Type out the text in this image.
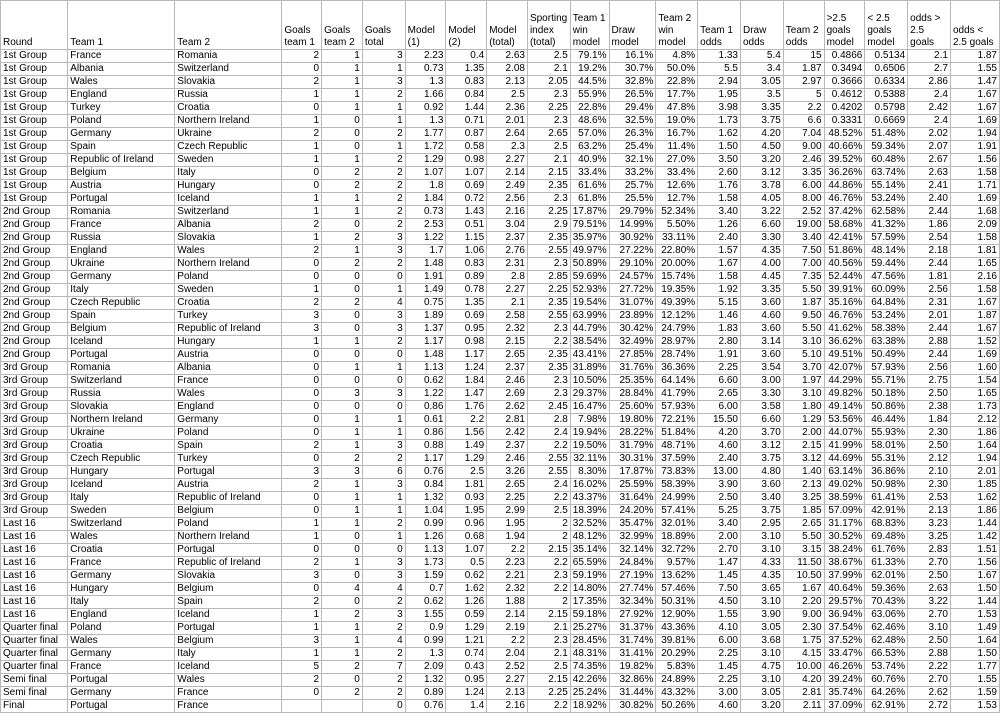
Round	Team 1	Team 2	Goals team 1	Goals team 2	Goals total	Model (1)	Model (2)	Model (total)	Sporting index (total)	Team 1 win model	Draw model	Team 2 win model	Team 1 odds	Draw odds	Team 2 odds	>2.5 goals model	< 2.5 goals model	odds > 2.5 goals	odds < 2.5 goals
1st Group	France	Romania	2	1	3	2.23	0.4	2.63	2.5	79.1%	16.1%	4.8%	1.33	5.4	15	0.4866	0.5134	2.1	1.87
1st Group	Albania	Switzerland	0	1	1	0.73	1.35	2.08	2.1	19.2%	30.7%	50.0%	5.5	3.4	1.87	0.3494	0.6506	2.7	1.55
1st Group	Wales	Slovakia	2	1	3	1.3	0.83	2.13	2.05	44.5%	32.8%	22.8%	2.94	3.05	2.97	0.3666	0.6334	2.86	1.47
1st Group	England	Russia	1	1	2	1.66	0.84	2.5	2.3	55.9%	26.5%	17.7%	1.95	3.5	5	0.4612	0.5388	2.4	1.67
1st Group	Turkey	Croatia	0	1	1	0.92	1.44	2.36	2.25	22.8%	29.4%	47.8%	3.98	3.35	2.2	0.4202	0.5798	2.42	1.67
1st Group	Poland	Northern Ireland	1	0	1	1.3	0.71	2.01	2.3	48.6%	32.5%	19.0%	1.73	3.75	6.6	0.3331	0.6669	2.4	1.69
1st Group	Germany	Ukraine	2	0	2	1.77	0.87	2.64	2.65	57.0%	26.3%	16.7%	1.62	4.20	7.04	48.52%	51.48%	2.02	1.94
1st Group	Spain	Czech Republic	1	0	1	1.72	0.58	2.3	2.5	63.2%	25.4%	11.4%	1.50	4.50	9.00	40.66%	59.34%	2.07	1.91
1st Group	Republic of Ireland	Sweden	1	1	2	1.29	0.98	2.27	2.1	40.9%	32.1%	27.0%	3.50	3.20	2.46	39.52%	60.48%	2.67	1.56
1st Group	Belgium	Italy	0	2	2	1.07	1.07	2.14	2.15	33.4%	33.2%	33.4%	2.60	3.12	3.35	36.26%	63.74%	2.63	1.58
1st Group	Austria	Hungary	0	2	2	1.8	0.69	2.49	2.35	61.6%	25.7%	12.6%	1.76	3.78	6.00	44.86%	55.14%	2.41	1.71
1st Group	Portugal	Iceland	1	1	2	1.84	0.72	2.56	2.3	61.8%	25.5%	12.7%	1.58	4.05	8.00	46.76%	53.24%	2.40	1.69
2nd Group	Romania	Switzerland	1	1	2	0.73	1.43	2.16	2.25	17.87%	29.79%	52.34%	3.40	3.22	2.52	37.42%	62.58%	2.44	1.68
2nd Group	France	Albania	2	0	2	2.53	0.51	3.04	2.9	79.51%	14.99%	5.50%	1.26	6.60	19.00	58.68%	41.32%	1.86	2.09
2nd Group	Russia	Slovakia	1	2	3	1.22	1.15	2.37	2.35	35.97%	30.92%	33.11%	2.40	3.30	3.40	42.41%	57.59%	2.54	1.58
2nd Group	England	Wales	2	1	3	1.7	1.06	2.76	2.55	49.97%	27.22%	22.80%	1.57	4.35	7.50	51.86%	48.14%	2.18	1.81
2nd Group	Ukraine	Northern Ireland	0	2	2	1.48	0.83	2.31	2.3	50.89%	29.10%	20.00%	1.67	4.00	7.00	40.56%	59.44%	2.44	1.65
2nd Group	Germany	Poland	0	0	0	1.91	0.89	2.8	2.85	59.69%	24.57%	15.74%	1.58	4.45	7.35	52.44%	47.56%	1.81	2.16
2nd Group	Italy	Sweden	1	0	1	1.49	0.78	2.27	2.25	52.93%	27.72%	19.35%	1.92	3.35	5.50	39.91%	60.09%	2.56	1.58
2nd Group	Czech Republic	Croatia	2	2	4	0.75	1.35	2.1	2.35	19.54%	31.07%	49.39%	5.15	3.60	1.87	35.16%	64.84%	2.31	1.67
2nd Group	Spain	Turkey	3	0	3	1.89	0.69	2.58	2.55	63.99%	23.89%	12.12%	1.46	4.60	9.50	46.76%	53.24%	2.01	1.87
2nd Group	Belgium	Republic of Ireland	3	0	3	1.37	0.95	2.32	2.3	44.79%	30.42%	24.79%	1.83	3.60	5.50	41.62%	58.38%	2.44	1.67
2nd Group	Iceland	Hungary	1	1	2	1.17	0.98	2.15	2.2	38.54%	32.49%	28.97%	2.80	3.14	3.10	36.62%	63.38%	2.88	1.52
2nd Group	Portugal	Austria	0	0	0	1.48	1.17	2.65	2.35	43.41%	27.85%	28.74%	1.91	3.60	5.10	49.51%	50.49%	2.44	1.69
3rd Group	Romania	Albania	0	1	1	1.13	1.24	2.37	2.35	31.89%	31.76%	36.36%	2.25	3.54	3.70	42.07%	57.93%	2.56	1.60
3rd Group	Switzerland	France	0	0	0	0.62	1.84	2.46	2.3	10.50%	25.35%	64.14%	6.60	3.00	1.97	44.29%	55.71%	2.75	1.54
3rd Group	Russia	Wales	0	3	3	1.22	1.47	2.69	2.3	29.37%	28.84%	41.79%	2.65	3.30	3.10	49.82%	50.18%	2.50	1.65
3rd Group	Slovakia	England	0	0	0	0.86	1.76	2.62	2.45	16.47%	25.60%	57.93%	6.00	3.58	1.80	49.14%	50.86%	2.38	1.73
3rd Group	Northern Ireland	Germany	0	1	1	0.61	2.2	2.81	2.8	7.98%	19.80%	72.21%	15.50	6.60	1.29	53.56%	46.44%	1.84	2.12
3rd Group	Ukraine	Poland	0	1	1	0.86	1.56	2.42	2.4	19.94%	28.22%	51.84%	4.20	3.70	2.00	44.07%	55.93%	2.30	1.86
3rd Group	Croatia	Spain	2	1	3	0.88	1.49	2.37	2.2	19.50%	31.79%	48.71%	4.60	3.12	2.15	41.99%	58.01%	2.50	1.64
3rd Group	Czech Republic	Turkey	0	2	2	1.17	1.29	2.46	2.55	32.11%	30.31%	37.59%	2.40	3.75	3.12	44.69%	55.31%	2.12	1.94
3rd Group	Hungary	Portugal	3	3	6	0.76	2.5	3.26	2.55	8.30%	17.87%	73.83%	13.00	4.80	1.40	63.14%	36.86%	2.10	2.01
3rd Group	Iceland	Austria	2	1	3	0.84	1.81	2.65	2.4	16.02%	25.59%	58.39%	3.90	3.60	2.13	49.02%	50.98%	2.30	1.85
3rd Group	Italy	Republic of Ireland	0	1	1	1.32	0.93	2.25	2.2	43.37%	31.64%	24.99%	2.50	3.40	3.25	38.59%	61.41%	2.53	1.62
3rd Group	Sweden	Belgium	0	1	1	1.04	1.95	2.99	2.5	18.39%	24.20%	57.41%	5.25	3.75	1.85	57.09%	42.91%	2.13	1.86
Last 16	Switzerland	Poland	1	1	2	0.99	0.96	1.95	2	32.52%	35.47%	32.01%	3.40	2.95	2.65	31.17%	68.83%	3.23	1.44
Last 16	Wales	Northern Ireland	1	0	1	1.26	0.68	1.94	2	48.12%	32.99%	18.89%	2.00	3.10	5.50	30.52%	69.48%	3.25	1.42
Last 16	Croatia	Portugal	0	0	0	1.13	1.07	2.2	2.15	35.14%	32.14%	32.72%	2.70	3.10	3.15	38.24%	61.76%	2.83	1.51
Last 16	France	Republic of Ireland	2	1	3	1.73	0.5	2.23	2.2	65.59%	24.84%	9.57%	1.47	4.33	11.50	38.67%	61.33%	2.70	1.56
Last 16	Germany	Slovakia	3	0	3	1.59	0.62	2.21	2.3	59.19%	27.19%	13.62%	1.45	4.35	10.50	37.99%	62.01%	2.50	1.67
Last 16	Hungary	Belgium	0	4	4	0.7	1.62	2.32	2.2	14.80%	27.74%	57.46%	7.50	3.65	1.67	40.64%	59.36%	2.63	1.50
Last 16	Italy	Spain	2	0	2	0.62	1.26	1.88	2	17.35%	32.34%	50.31%	4.50	3.10	2.20	29.57%	70.43%	3.22	1.44
Last 16	England	Iceland	1	2	3	1.55	0.59	2.14	2.15	59.18%	27.92%	12.90%	1.55	3.90	9.00	36.94%	63.06%	2.70	1.53
Quarter final	Poland	Portugal	1	1	2	0.9	1.29	2.19	2.1	25.27%	31.37%	43.36%	4.10	3.05	2.30	37.54%	62.46%	3.10	1.49
Quarter final	Wales	Belgium	3	1	4	0.99	1.21	2.2	2.3	28.45%	31.74%	39.81%	6.00	3.68	1.75	37.52%	62.48%	2.50	1.64
Quarter final	Germany	Italy	1	1	2	1.3	0.74	2.04	2.1	48.31%	31.41%	20.29%	2.25	3.10	4.15	33.47%	66.53%	2.88	1.50
Quarter final	France	Iceland	5	2	7	2.09	0.43	2.52	2.5	74.35%	19.82%	5.83%	1.45	4.75	10.00	46.26%	53.74%	2.22	1.77
Semi final	Portugal	Wales	2	0	2	1.32	0.95	2.27	2.15	42.26%	32.86%	24.89%	2.25	3.10	4.20	39.24%	60.76%	2.70	1.55
Semi final	Germany	France	0	2	2	0.89	1.24	2.13	2.25	25.24%	31.44%	43.32%	3.00	3.05	2.81	35.74%	64.26%	2.62	1.59
Final	Portugal	France			0	0.76	1.4	2.16	2.2	18.92%	30.82%	50.26%	4.60	3.20	2.11	37.09%	62.91%	2.72	1.53
